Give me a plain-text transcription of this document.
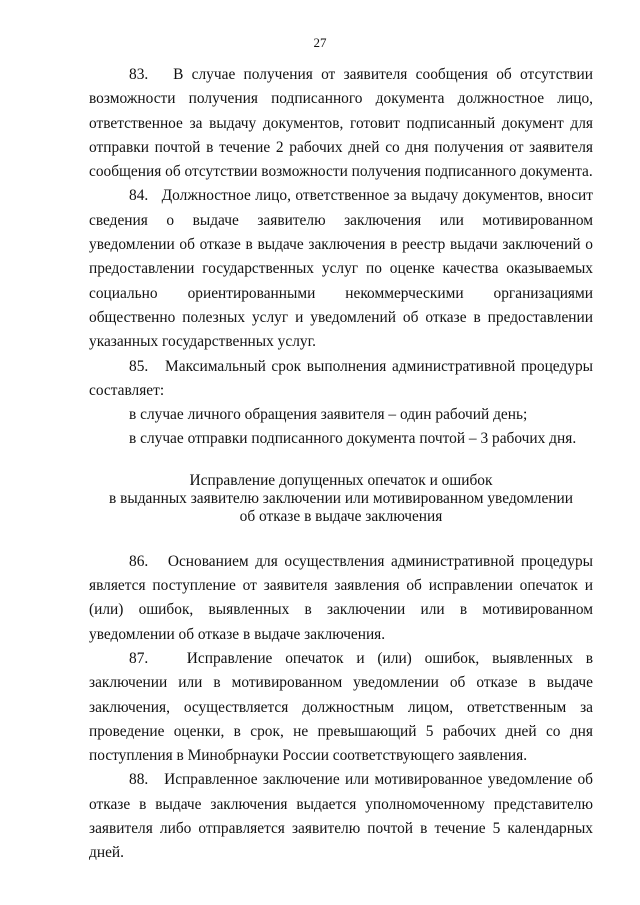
27

83. В случае получения от заявителя сообщения об отсутствии возможности получения подписанного документа должностное лицо, ответственное за выдачу документов, готовит подписанный документ для отправки почтой в течение 2 рабочих дней со дня получения от заявителя сообщения об отсутствии возможности получения подписанного документа.

84. Должностное лицо, ответственное за выдачу документов, вносит сведения о выдаче заявителю заключения или мотивированном уведомлении об отказе в выдаче заключения в реестр выдачи заключений о предоставлении государственных услуг по оценке качества оказываемых социально ориентированными некоммерческими организациями общественно полезных услуг и уведомлений об отказе в предоставлении указанных государственных услуг.

85. Максимальный срок выполнения административной процедуры составляет:

в случае личного обращения заявителя – один рабочий день;

в случае отправки подписанного документа почтой – 3 рабочих дня.

Исправление допущенных опечаток и ошибок
в выданных заявителю заключении или мотивированном уведомлении
об отказе в выдаче заключения

86. Основанием для осуществления административной процедуры является поступление от заявителя заявления об исправлении опечаток и (или) ошибок, выявленных в заключении или в мотивированном уведомлении об отказе в выдаче заключения.

87.	Исправление опечаток и (или) ошибок, выявленных в заключении или в мотивированном уведомлении об отказе в выдаче заключения, осуществляется должностным лицом, ответственным за проведение оценки, в срок, не превышающий 5 рабочих дней со дня поступления в Минобрнауки России соответствующего заявления.

88. Исправленное заключение или мотивированное уведомление об отказе в выдаче заключения выдается уполномоченному представителю заявителя либо отправляется заявителю почтой в течение 5 календарных дней.
